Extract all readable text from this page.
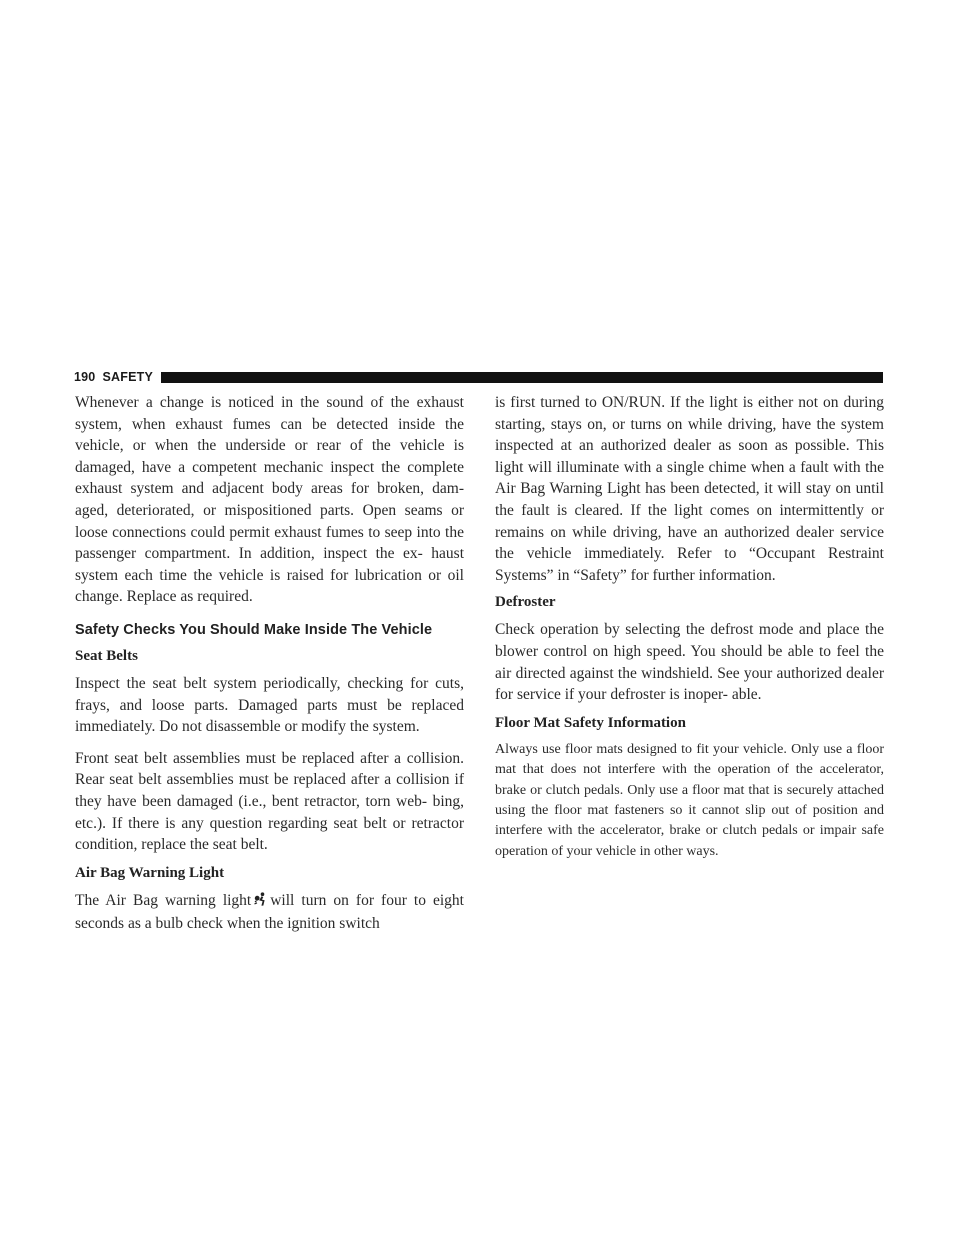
190 SAFETY

Whenever a change is noticed in the sound of the exhaust system, when exhaust fumes can be detected inside the vehicle, or when the underside or rear of the vehicle is damaged, have a competent mechanic inspect the complete exhaust system and adjacent body areas for broken, dam- aged, deteriorated, or mispositioned parts. Open seams or loose connections could permit exhaust fumes to seep into the passenger compartment. In addition, inspect the ex- haust system each time the vehicle is raised for lubrication or oil change. Replace as required.

Safety Checks You Should Make Inside The Vehicle
Seat Belts

Inspect the seat belt system periodically, checking for cuts, frays, and loose parts. Damaged parts must be replaced immediately. Do not disassemble or modify the system.

Front seat belt assemblies must be replaced after a collision. Rear seat belt assemblies must be replaced after a collision if they have been damaged (i.e., bent retractor, torn web- bing, etc.). If there is any question regarding seat belt or retractor condition, replace the seat belt.

Air Bag Warning Light

The Air Bag warning light will turn on for four to eight seconds as a bulb check when the ignition switch

is first turned to ON/RUN. If the light is either not on during starting, stays on, or turns on while driving, have the system inspected at an authorized dealer as soon as possible. This light will illuminate with a single chime when a fault with the Air Bag Warning Light has been detected, it will stay on until the fault is cleared. If the light comes on intermittently or remains on while driving, have an authorized dealer service the vehicle immediately. Refer to “Occupant Restraint Systems” in “Safety” for further information.

Defroster

Check operation by selecting the defrost mode and place the blower control on high speed. You should be able to feel the air directed against the windshield. See your authorized dealer for service if your defroster is inoper- able.

Floor Mat Safety Information

Always use floor mats designed to fit your vehicle. Only use a floor mat that does not interfere with the operation of the accelerator, brake or clutch pedals. Only use a floor mat that is securely attached using the floor mat fasteners so it cannot slip out of position and interfere with the accelerator, brake or clutch pedals or impair safe operation of your vehicle in other ways.
